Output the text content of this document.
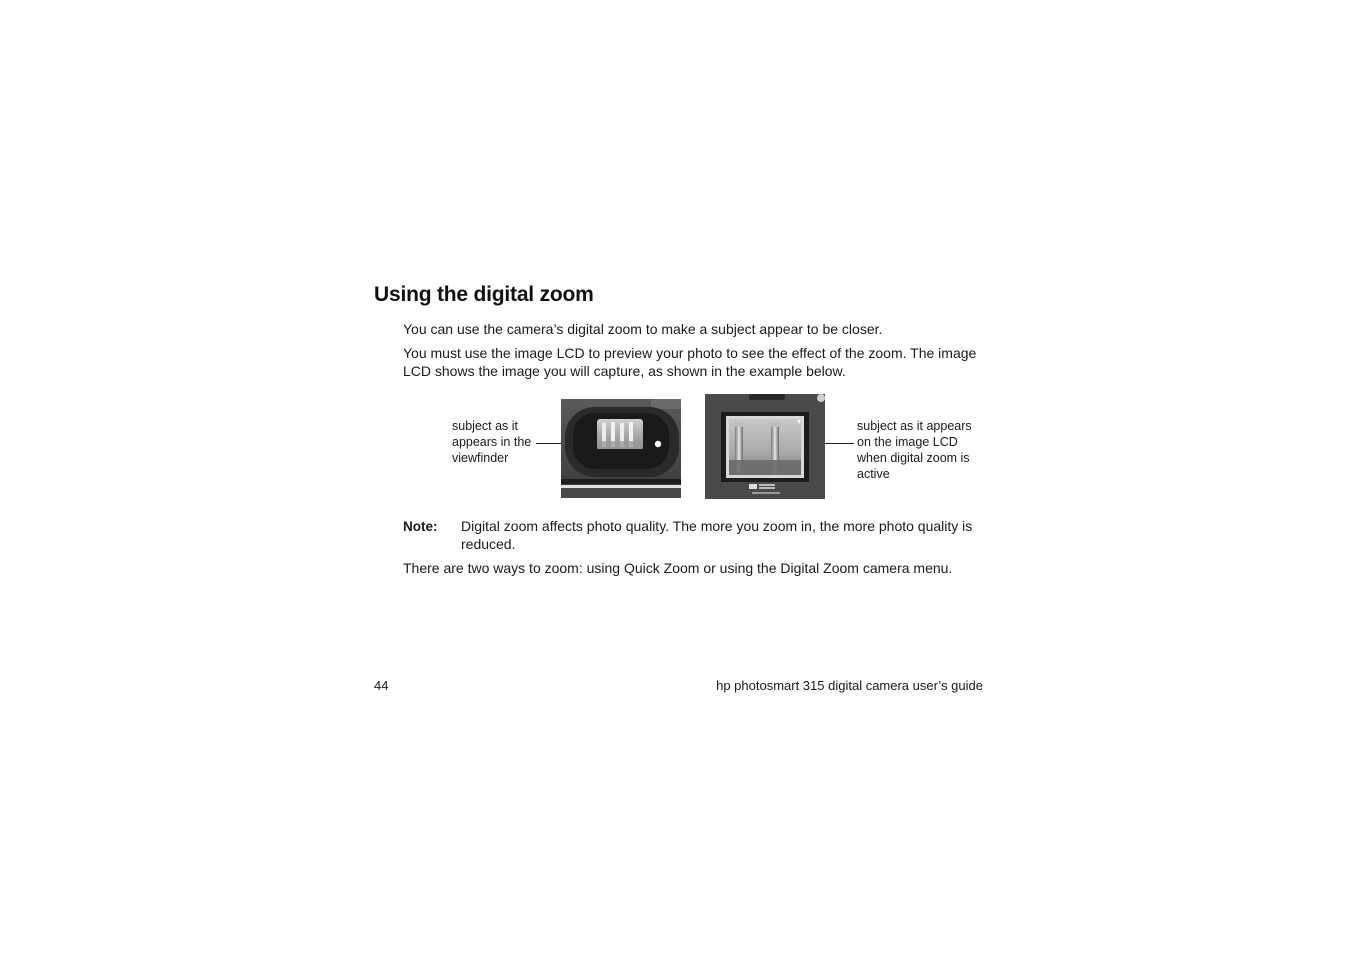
Using the digital zoom

You can use the camera’s digital zoom to make a subject appear to be closer.

You must use the image LCD to preview your photo to see the effect of the zoom. The image LCD shows the image you will capture, as shown in the example below.

subject as it
appears in the
viewfinder
subject as it appears
on the image LCD
when digital zoom is
active
Note: Digital zoom affects photo quality. The more you zoom in, the more photo quality is reduced.

There are two ways to zoom: using Quick Zoom or using the Digital Zoom camera menu.

44	hp photosmart 315 digital camera user’s guide
